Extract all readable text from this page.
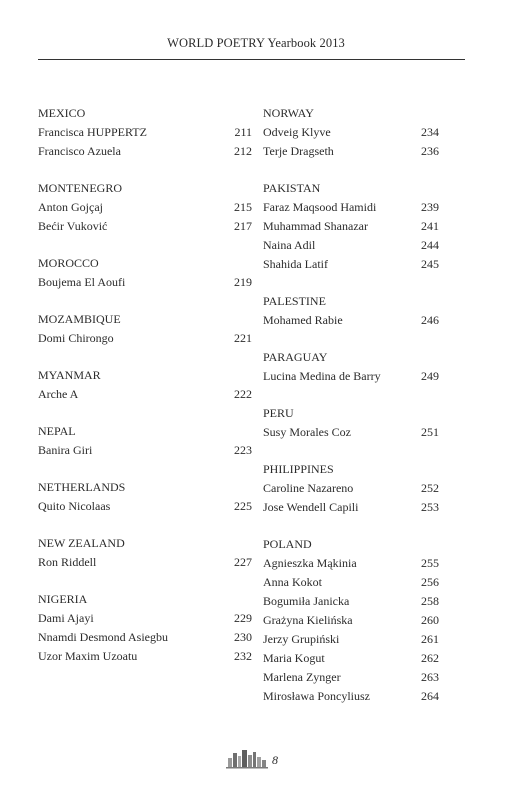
WORLD POETRY Yearbook 2013
MEXICO
Francisca HUPPERTZ	211
Francisco Azuela	212
MONTENEGRO
Anton Gojçaj	215
Bećir Vuković	217
MOROCCO
Boujema El Aoufi	219
MOZAMBIQUE
Domi Chirongo	221
MYANMAR
Arche A	222
NEPAL
Banira Giri	223
NETHERLANDS
Quito Nicolaas	225
NEW ZEALAND
Ron Riddell	227
NIGERIA
Dami Ajayi	229
Nnamdi Desmond Asiegbu	230
Uzor Maxim Uzoatu	232
NORWAY
Odveig Klyve	234
Terje Dragseth	236
PAKISTAN
Faraz Maqsood Hamidi	239
Muhammad Shanazar	241
Naina Adil	244
Shahida Latif	245
PALESTINE
Mohamed Rabie	246
PARAGUAY
Lucina Medina de Barry	249
PERU
Susy Morales Coz	251
PHILIPPINES
Caroline Nazareno	252
Jose Wendell Capili	253
POLAND
Agnieszka Mąkinia	255
Anna Kokot	256
Bogumiła Janicka	258
Grażyna Kielińska	260
Jerzy Grupiński	261
Maria Kogut	262
Marlena Zynger	263
Mirosława Poncyliusz	264
8
